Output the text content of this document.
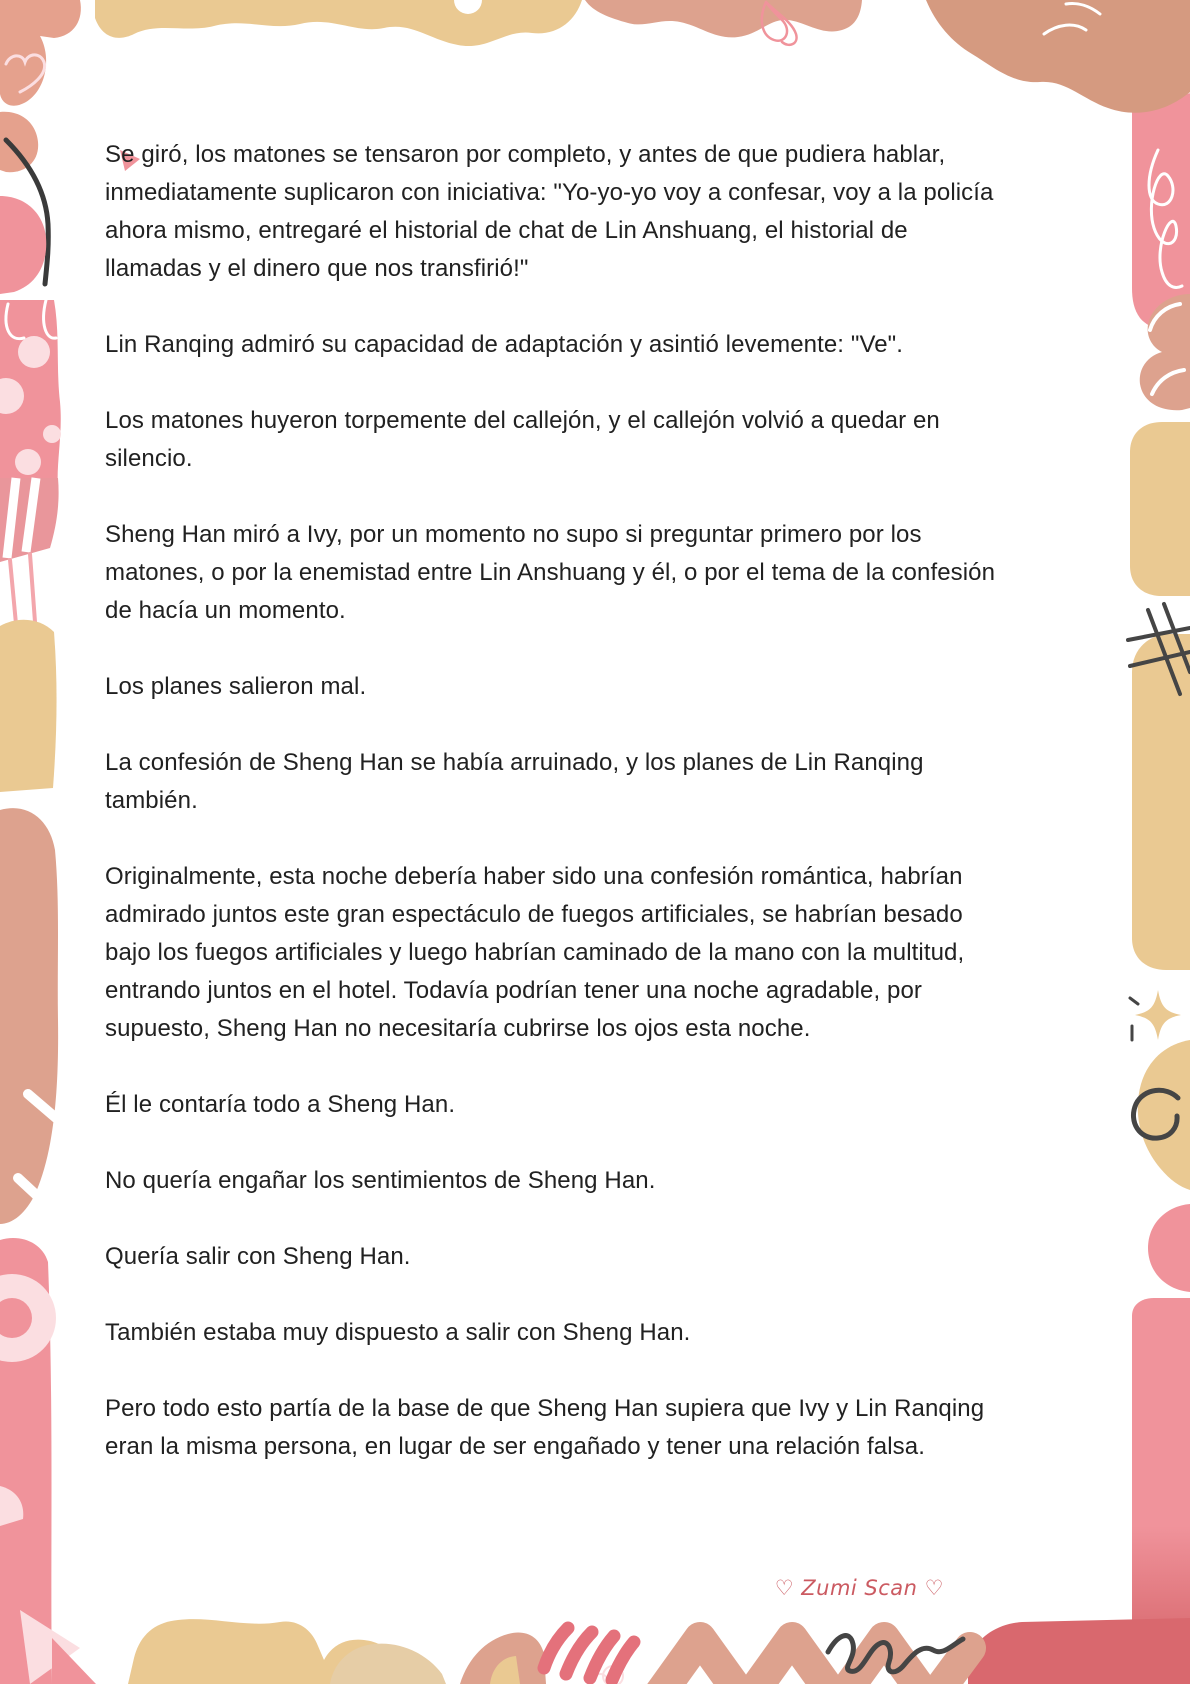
Se giró, los matones se tensaron por completo, y antes de que pudiera hablar, inmediatamente suplicaron con iniciativa: "Yo-yo-yo voy a confesar, voy a la policía ahora mismo, entregaré el historial de chat de Lin Anshuang, el historial de llamadas y el dinero que nos transfirió!"

Lin Ranqing admiró su capacidad de adaptación y asintió levemente: "Ve".

Los matones huyeron torpemente del callejón, y el callejón volvió a quedar en silencio.

Sheng Han miró a Ivy, por un momento no supo si preguntar primero por los matones, o por la enemistad entre Lin Anshuang y él, o por el tema de la confesión de hacía un momento.

Los planes salieron mal.

La confesión de Sheng Han se había arruinado, y los planes de Lin Ranqing también.

Originalmente, esta noche debería haber sido una confesión romántica, habrían admirado juntos este gran espectáculo de fuegos artificiales, se habrían besado bajo los fuegos artificiales y luego habrían caminado de la mano con la multitud, entrando juntos en el hotel. Todavía podrían tener una noche agradable, por supuesto, Sheng Han no necesitaría cubrirse los ojos esta noche.

Él le contaría todo a Sheng Han.

No quería engañar los sentimientos de Sheng Han.

Quería salir con Sheng Han.

También estaba muy dispuesto a salir con Sheng Han.

Pero todo esto partía de la base de que Sheng Han supiera que Ivy y Lin Ranqing eran la misma persona, en lugar de ser engañado y tener una relación falsa.

♡ Zumi Scan ♡
